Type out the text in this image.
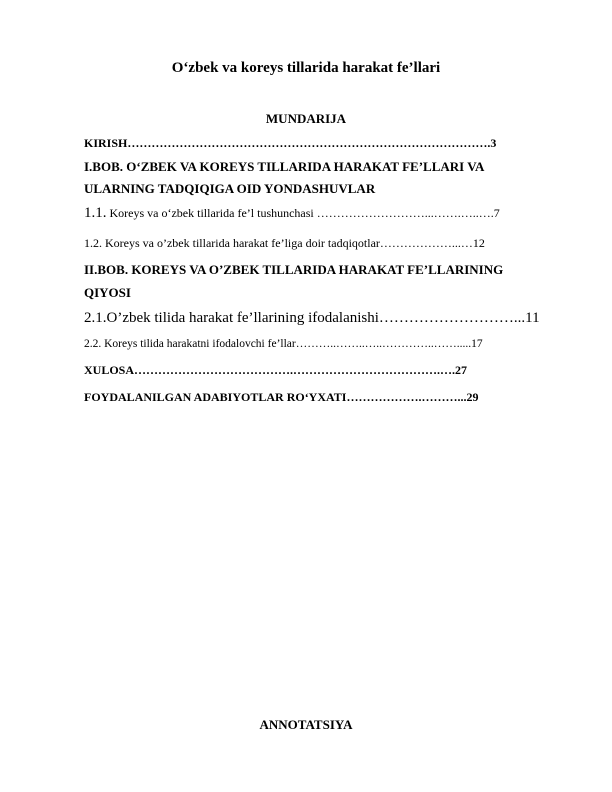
O‘zbek va koreys tillarida harakat fe’llari
MUNDARIJA
KIRISH……………………………………………………………………………….3
I.BOB. O‘ZBEK VA KOREYS TILLARIDA HARAKAT FE’LLARI VA
ULARNING TADQIQIGA OID YONDASHUVLAR
1.1. Koreys va o‘zbek tillarida fe’l tushunchasi ………………………...…….…..….7
1.2. Koreys va o’zbek tillarida harakat fe’liga doir tadqiqotlar………………...…12
II.BOB. KOREYS VA O’ZBEK TILLARIDA HARAKAT FE’LLARINING
QIYOSI
2.1.O’zbek tilida harakat fe’llarining ifodalanishi………………………...11
2.2. Koreys tilida harakatni ifodalovchi fe’llar………..……..…..…………..…….....17
XULOSA………………………………….……………………………….….27
FOYDALANILGAN ADABIYOTLAR RO‘YXATI……………….………...29
ANNOTATSIYA
